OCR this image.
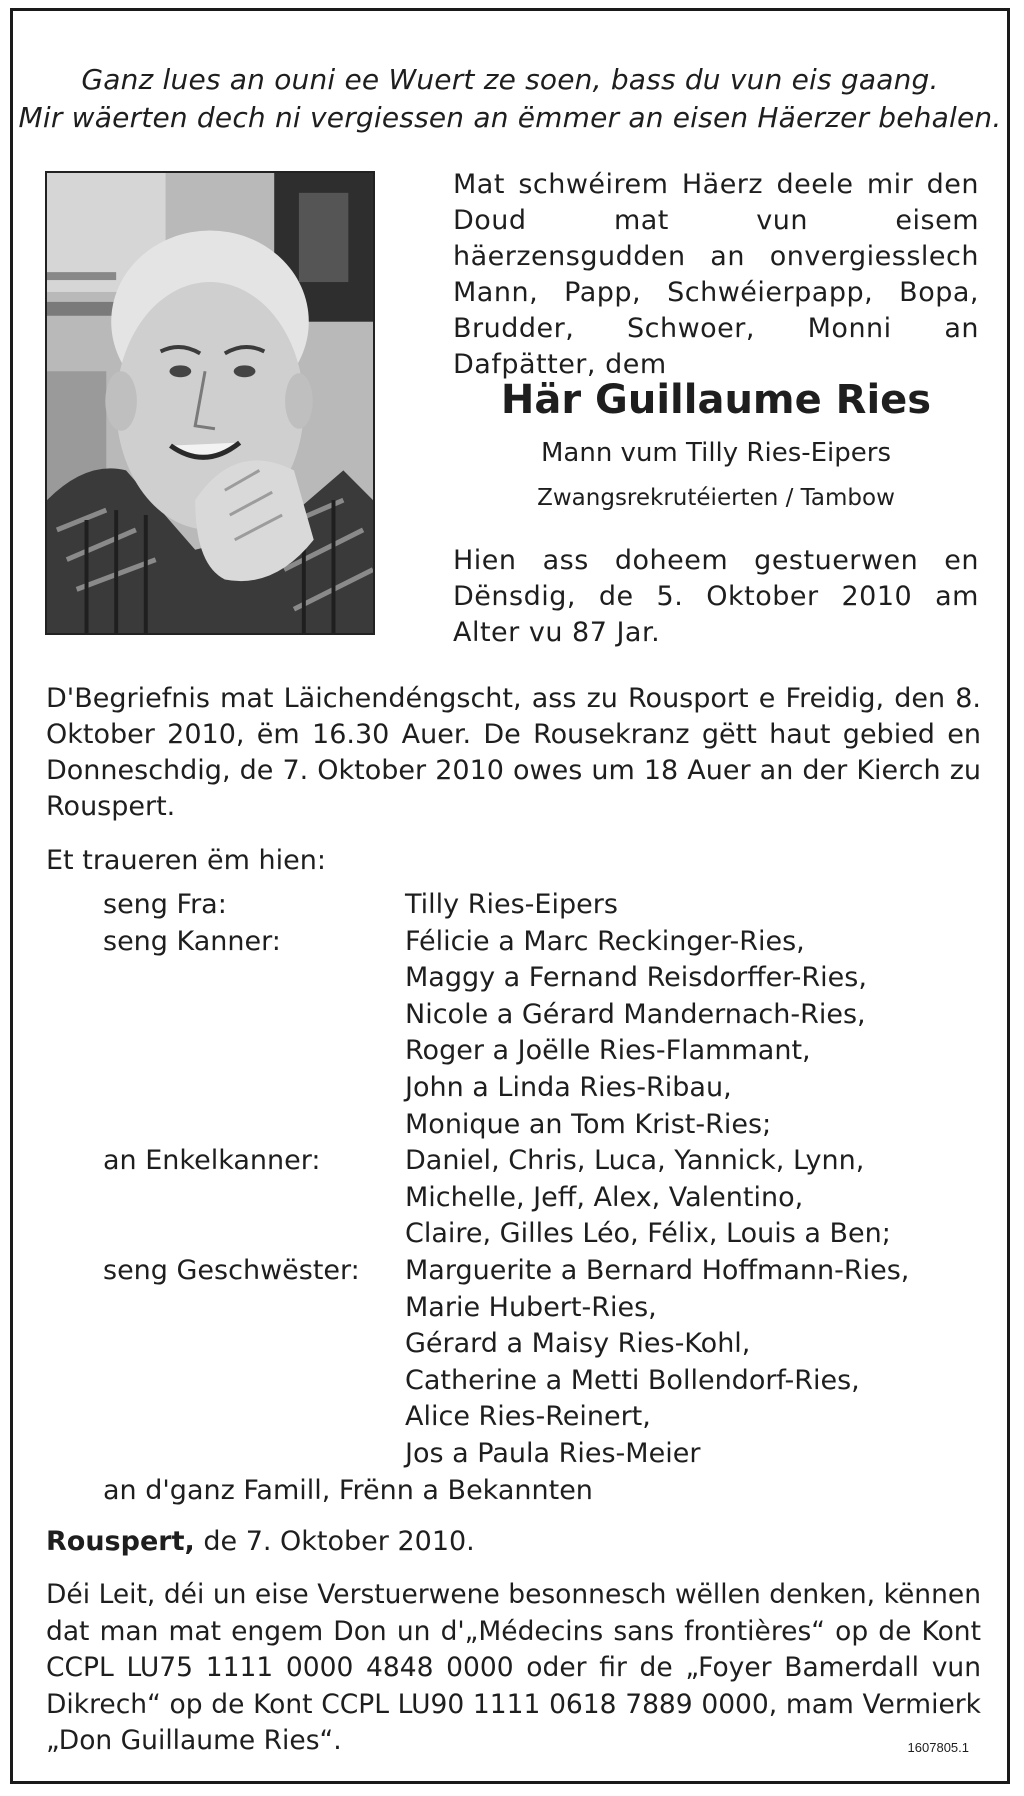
Ganz lues an ouni ee Wuert ze soen, bass du vun eis gaang.
Mir wäerten dech ni vergiessen an ëmmer an eisen Häerzer behalen.
Mat schwéirem Häerz deele mir den Doud mat vun eisem häerzensgudden an onvergiesslech Mann, Papp, Schwéierpapp, Bopa, Brudder, Schwoer, Monni an Dafpätter, dem
Här Guillaume Ries
Mann vum Tilly Ries-Eipers
Zwangsrekrutéierten / Tambow
Hien ass doheem gestuerwen en Dënsdig, de 5. Oktober 2010 am Alter vu 87 Jar.
D'Begriefnis mat Läichendéngscht, ass zu Rousport e Freidig, den 8. Oktober 2010, ëm 16.30 Auer. De Rousekranz gëtt haut gebied en Donneschdig, de 7. Oktober 2010 owes um 18 Auer an der Kierch zu Rouspert.
Et traueren ëm hien:
seng Fra:	Tilly Ries-Eipers
seng Kanner:	Félicie a Marc Reckinger-Ries,
Maggy a Fernand Reisdorffer-Ries,
Nicole a Gérard Mandernach-Ries,
Roger a Joëlle Ries-Flammant,
John a Linda Ries-Ribau,
Monique an Tom Krist-Ries;
an Enkelkanner:	Daniel, Chris, Luca, Yannick, Lynn,
Michelle, Jeff, Alex, Valentino,
Claire, Gilles Léo, Félix, Louis a Ben;
seng Geschwëster: Marguerite a Bernard Hoffmann-Ries,
Marie Hubert-Ries,
Gérard a Maisy Ries-Kohl,
Catherine a Metti Bollendorf-Ries,
Alice Ries-Reinert,
Jos a Paula Ries-Meier
an d'ganz Famill, Frënn a Bekannten
Rouspert, de 7. Oktober 2010.
Déi Leit, déi un eise Verstuerwene besonnesch wëllen denken, kënnen dat man mat engem Don un d'„Médecins sans frontières“ op de Kont CCPL LU75 1111 0000 4848 0000 oder fir de „Foyer Bamerdall vun Dikrech“ op de Kont CCPL LU90 1111 0618 7889 0000, mam Vermierk „Don Guillaume Ries“.	1607805.1
